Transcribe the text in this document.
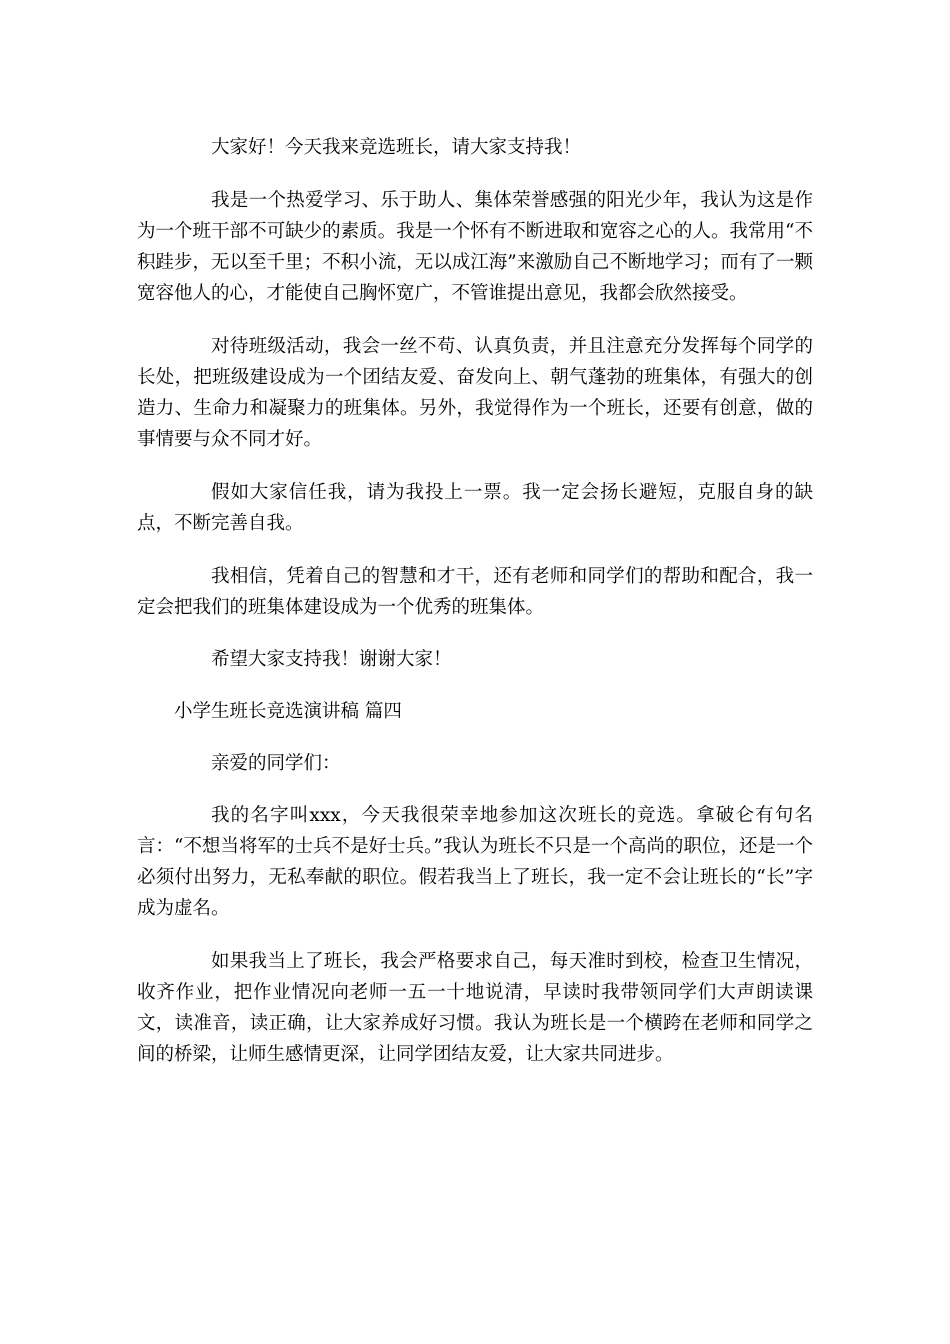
大家好！今天我来竞选班长，请大家支持我！

我是一个热爱学习、乐于助人、集体荣誉感强的阳光少年，我认为这是作为一个班干部不可缺少的素质。我是一个怀有不断进取和宽容之心的人。我常用“不积跬步，无以至千里；不积小流，无以成江海”来激励自己不断地学习；而有了一颗宽容他人的心，才能使自己胸怀宽广，不管谁提出意见，我都会欣然接受。

对待班级活动，我会一丝不苟、认真负责，并且注意充分发挥每个同学的长处，把班级建设成为一个团结友爱、奋发向上、朝气蓬勃的班集体，有强大的创造力、生命力和凝聚力的班集体。另外，我觉得作为一个班长，还要有创意，做的事情要与众不同才好。

假如大家信任我，请为我投上一票。我一定会扬长避短，克服自身的缺点，不断完善自我。

我相信，凭着自己的智慧和才干，还有老师和同学们的帮助和配合，我一定会把我们的班集体建设成为一个优秀的班集体。

希望大家支持我！谢谢大家！

小学生班长竞选演讲稿 篇四

亲爱的同学们：

我的名字叫xxx，今天我很荣幸地参加这次班长的竞选。拿破仑有句名言：“不想当将军的士兵不是好士兵。”我认为班长不只是一个高尚的职位，还是一个必须付出努力，无私奉献的职位。假若我当上了班长，我一定不会让班长的“长”字成为虚名。

如果我当上了班长，我会严格要求自己，每天准时到校，检查卫生情况，收齐作业，把作业情况向老师一五一十地说清，早读时我带领同学们大声朗读课文，读准音，读正确，让大家养成好习惯。我认为班长是一个横跨在老师和同学之间的桥梁，让师生感情更深，让同学团结友爱，让大家共同进步。
